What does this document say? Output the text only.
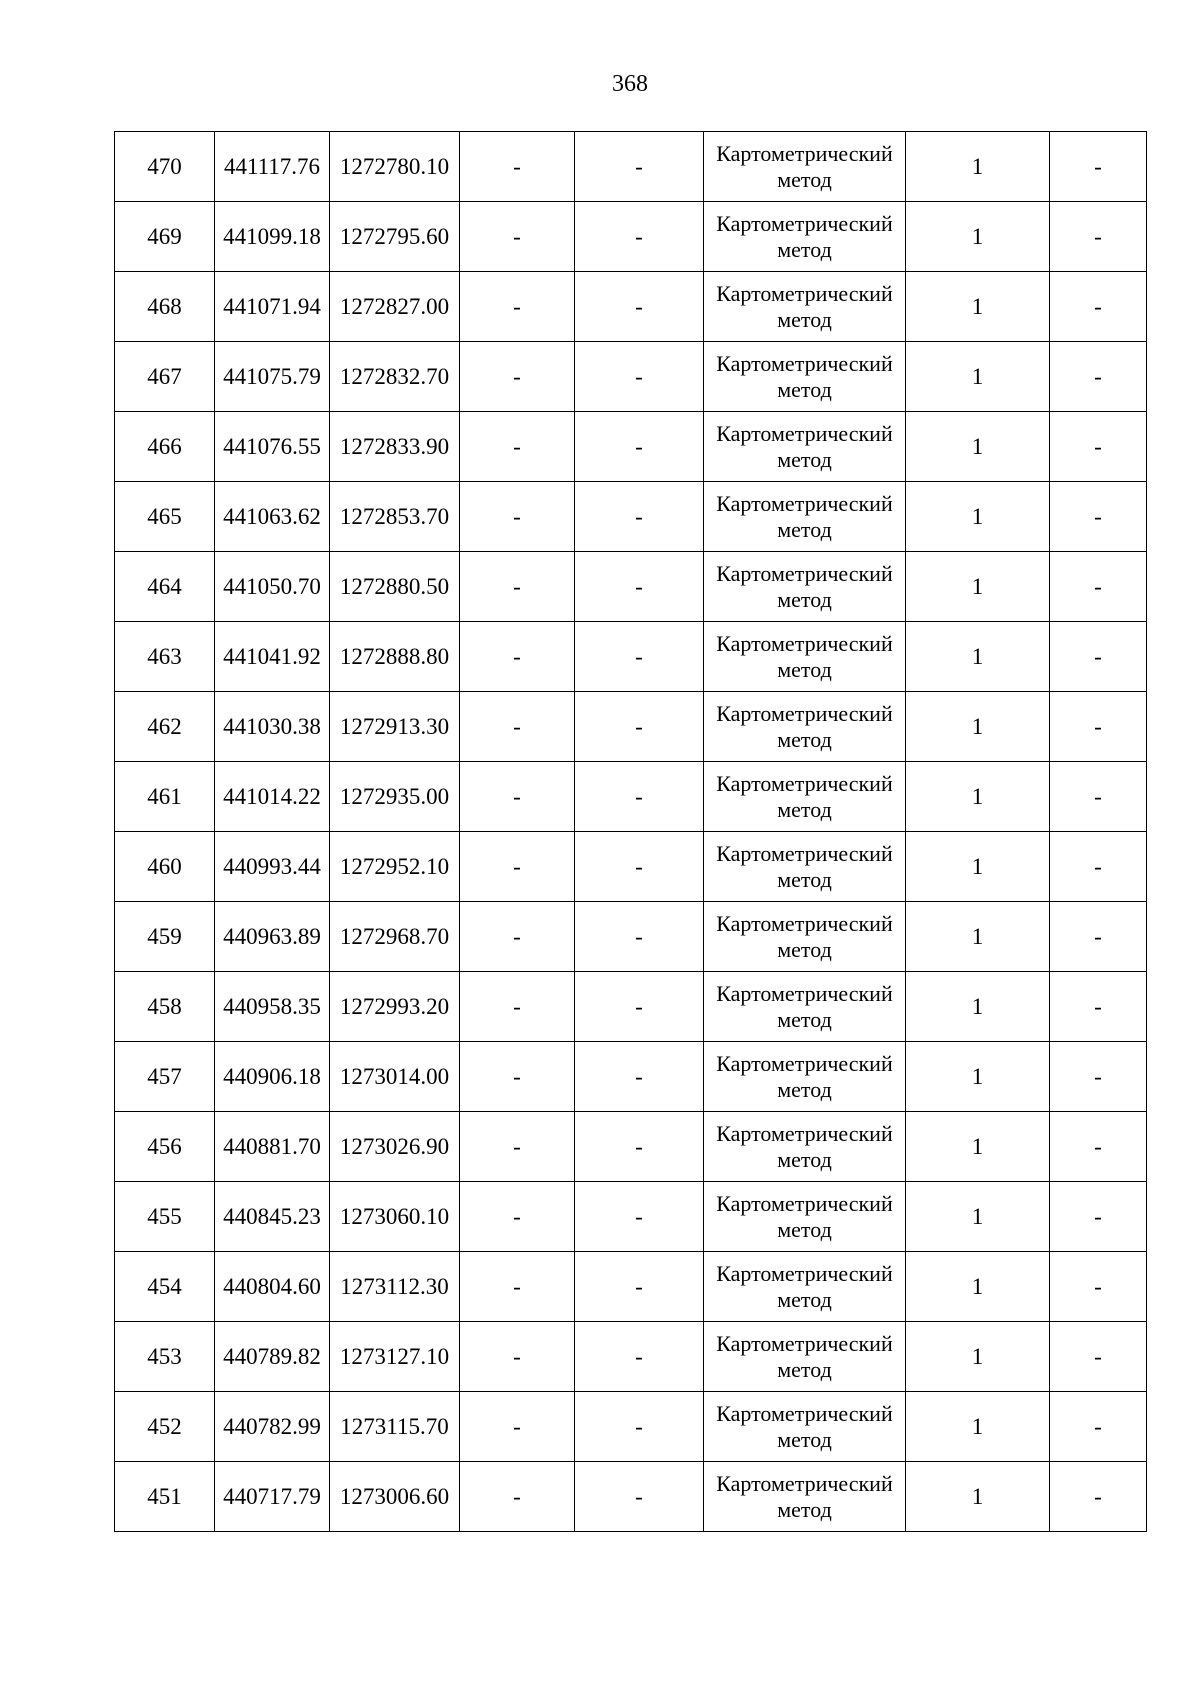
368
470	441117.76	1272780.10	-	-	Картометрический метод	1	-
469	441099.18	1272795.60	-	-	Картометрический метод	1	-
468	441071.94	1272827.00	-	-	Картометрический метод	1	-
467	441075.79	1272832.70	-	-	Картометрический метод	1	-
466	441076.55	1272833.90	-	-	Картометрический метод	1	-
465	441063.62	1272853.70	-	-	Картометрический метод	1	-
464	441050.70	1272880.50	-	-	Картометрический метод	1	-
463	441041.92	1272888.80	-	-	Картометрический метод	1	-
462	441030.38	1272913.30	-	-	Картометрический метод	1	-
461	441014.22	1272935.00	-	-	Картометрический метод	1	-
460	440993.44	1272952.10	-	-	Картометрический метод	1	-
459	440963.89	1272968.70	-	-	Картометрический метод	1	-
458	440958.35	1272993.20	-	-	Картометрический метод	1	-
457	440906.18	1273014.00	-	-	Картометрический метод	1	-
456	440881.70	1273026.90	-	-	Картометрический метод	1	-
455	440845.23	1273060.10	-	-	Картометрический метод	1	-
454	440804.60	1273112.30	-	-	Картометрический метод	1	-
453	440789.82	1273127.10	-	-	Картометрический метод	1	-
452	440782.99	1273115.70	-	-	Картометрический метод	1	-
451	440717.79	1273006.60	-	-	Картометрический метод	1	-
